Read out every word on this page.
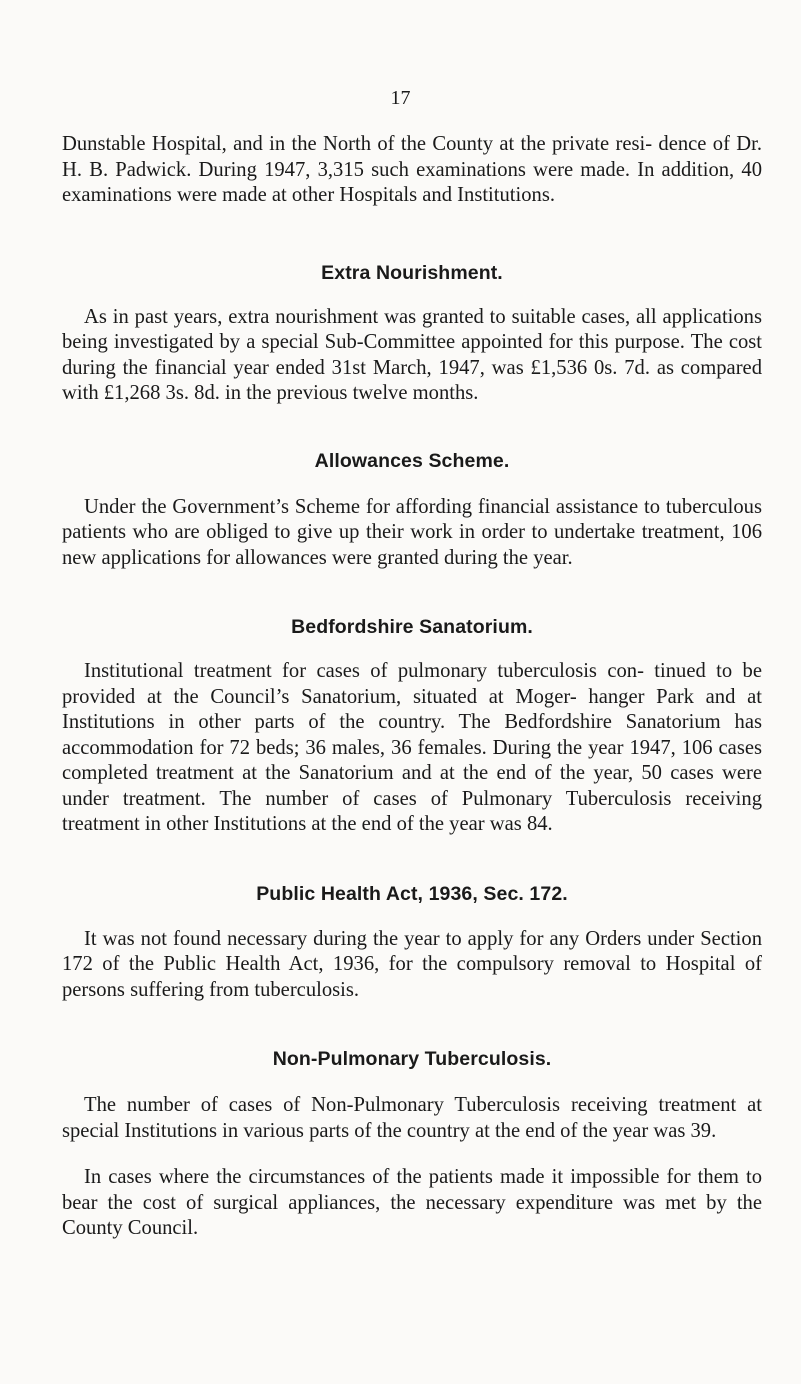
17

Dunstable Hospital, and in the North of the County at the private resi- dence of Dr. H. B. Padwick. During 1947, 3,315 such examinations were made. In addition, 40 examinations were made at other Hospitals and Institutions.

Extra Nourishment.

As in past years, extra nourishment was granted to suitable cases, all applications being investigated by a special Sub-Committee appointed for this purpose. The cost during the financial year ended 31st March, 1947, was £1,536 0s. 7d. as compared with £1,268 3s. 8d. in the previous twelve months.

Allowances Scheme.

Under the Government’s Scheme for affording financial assistance to tuberculous patients who are obliged to give up their work in order to undertake treatment, 106 new applications for allowances were granted during the year.

Bedfordshire Sanatorium.

Institutional treatment for cases of pulmonary tuberculosis con- tinued to be provided at the Council’s Sanatorium, situated at Moger- hanger Park and at Institutions in other parts of the country. The Bedfordshire Sanatorium has accommodation for 72 beds; 36 males, 36 females. During the year 1947, 106 cases completed treatment at the Sanatorium and at the end of the year, 50 cases were under treatment. The number of cases of Pulmonary Tuberculosis receiving treatment in other Institutions at the end of the year was 84.

Public Health Act, 1936, Sec. 172.

It was not found necessary during the year to apply for any Orders under Section 172 of the Public Health Act, 1936, for the compulsory removal to Hospital of persons suffering from tuberculosis.

Non-Pulmonary Tuberculosis.

The number of cases of Non-Pulmonary Tuberculosis receiving treatment at special Institutions in various parts of the country at the end of the year was 39.

In cases where the circumstances of the patients made it impossible for them to bear the cost of surgical appliances, the necessary expenditure was met by the County Council.
